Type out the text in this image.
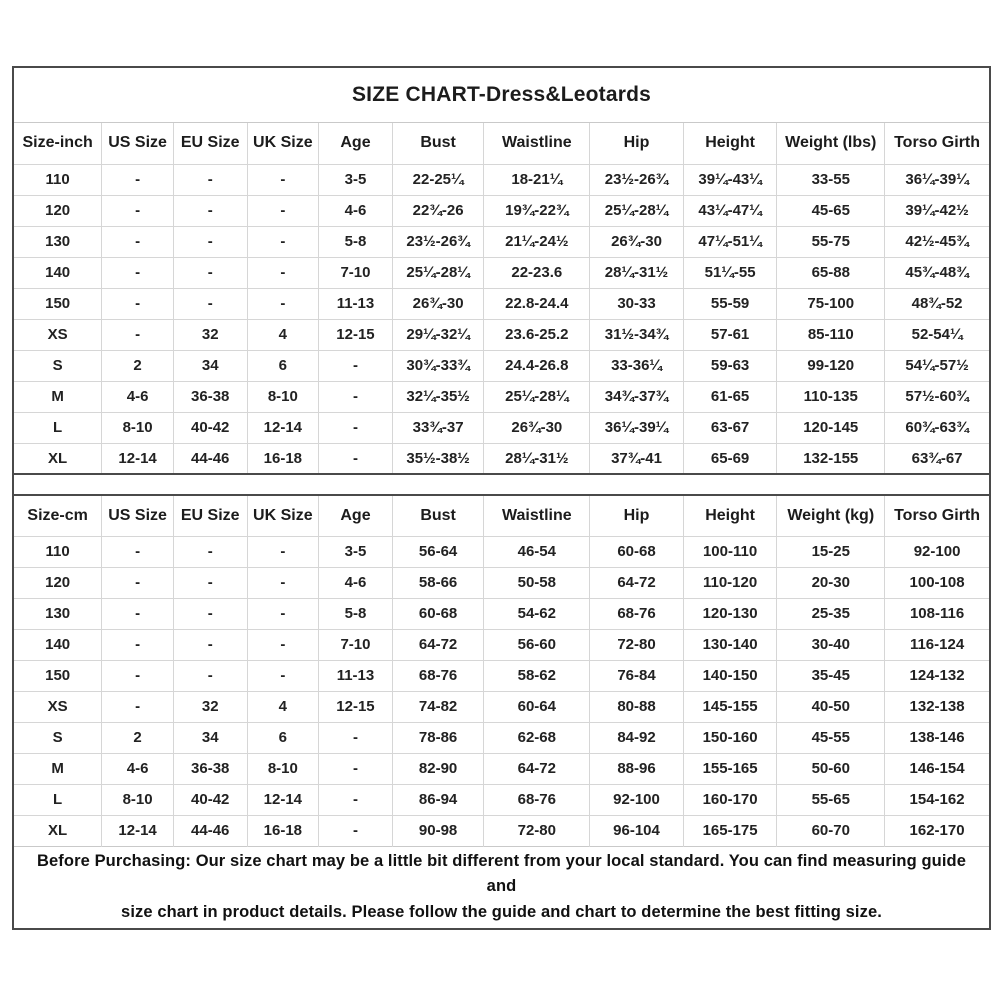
SIZE CHART-Dress&Leotards
Size-inch	US Size	EU Size	UK Size	Age	Bust	Waistline	Hip	Height	Weight (lbs)	Torso Girth
110	-	-	-	3-5	22-25¼	18-21¼	23½-26¾	39¼-43¼	33-55	36¼-39¼
120	-	-	-	4-6	22¾-26	19¾-22¾	25¼-28¼	43¼-47¼	45-65	39¼-42½
130	-	-	-	5-8	23½-26¾	21¼-24½	26¾-30	47¼-51¼	55-75	42½-45¾
140	-	-	-	7-10	25¼-28¼	22-23.6	28¼-31½	51¼-55	65-88	45¾-48¾
150	-	-	-	11-13	26¾-30	22.8-24.4	30-33	55-59	75-100	48¾-52
XS	-	32	4	12-15	29¼-32¼	23.6-25.2	31½-34¾	57-61	85-110	52-54¼
S	2	34	6	-	30¾-33¾	24.4-26.8	33-36¼	59-63	99-120	54¼-57½
M	4-6	36-38	8-10	-	32¼-35½	25¼-28¼	34¾-37¾	61-65	110-135	57½-60¾
L	8-10	40-42	12-14	-	33¾-37	26¾-30	36¼-39¼	63-67	120-145	60¾-63¾
XL	12-14	44-46	16-18	-	35½-38½	28¼-31½	37¾-41	65-69	132-155	63¾-67
Size-cm	US Size	EU Size	UK Size	Age	Bust	Waistline	Hip	Height	Weight (kg)	Torso Girth
110	-	-	-	3-5	56-64	46-54	60-68	100-110	15-25	92-100
120	-	-	-	4-6	58-66	50-58	64-72	110-120	20-30	100-108
130	-	-	-	5-8	60-68	54-62	68-76	120-130	25-35	108-116
140	-	-	-	7-10	64-72	56-60	72-80	130-140	30-40	116-124
150	-	-	-	11-13	68-76	58-62	76-84	140-150	35-45	124-132
XS	-	32	4	12-15	74-82	60-64	80-88	145-155	40-50	132-138
S	2	34	6	-	78-86	62-68	84-92	150-160	45-55	138-146
M	4-6	36-38	8-10	-	82-90	64-72	88-96	155-165	50-60	146-154
L	8-10	40-42	12-14	-	86-94	68-76	92-100	160-170	55-65	154-162
XL	12-14	44-46	16-18	-	90-98	72-80	96-104	165-175	60-70	162-170
Before Purchasing: Our size chart may be a little bit different from your local standard. You can find measuring guide and
size chart in product details. Please follow the guide and chart to determine the best fitting size.
